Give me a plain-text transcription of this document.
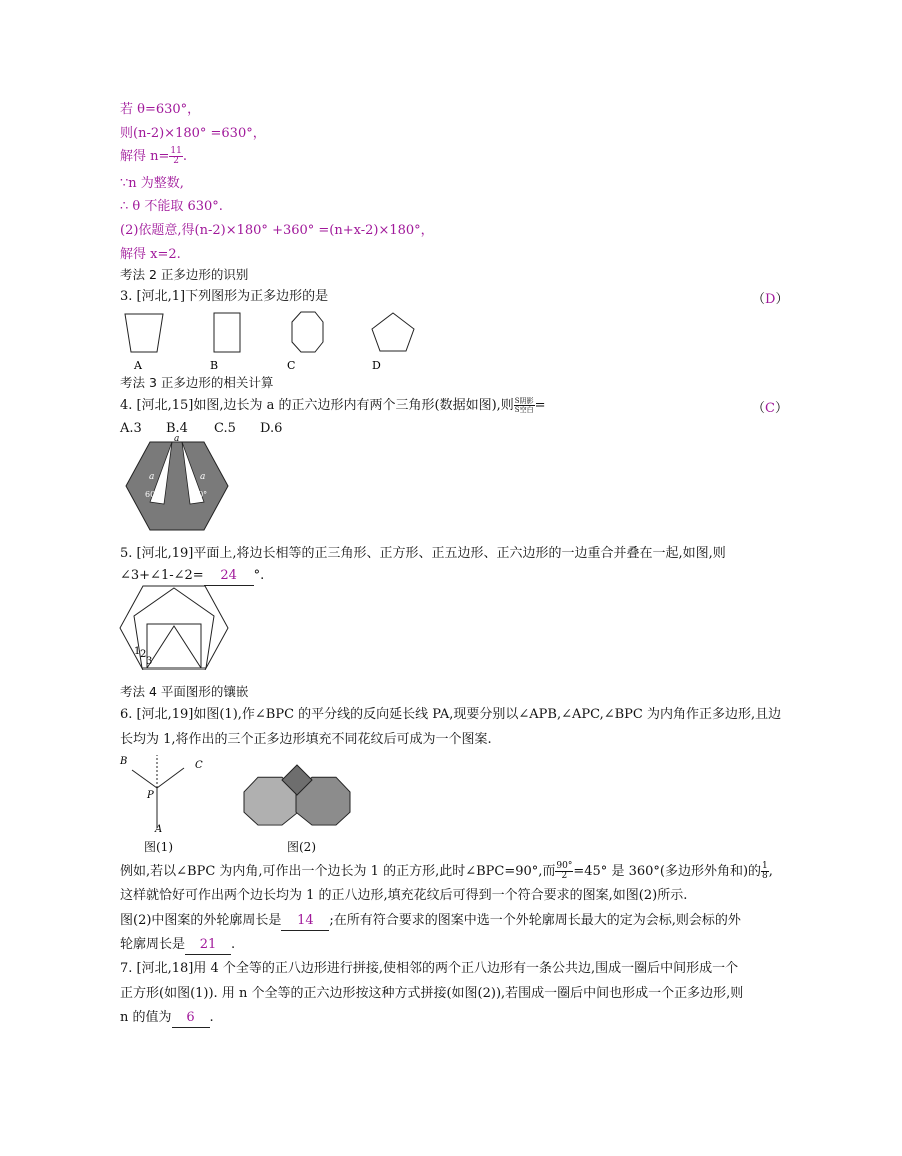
若 θ=630°，
则(n-2)×180° =630°，
解得 $n= \frac{11}{2}$ .
∵n 为整数,
∴ θ 不能取 630°.
(2)依题意,得(n-2)×180° +360° =(n+x-2)×180°，
解得 x=2.
考法 2 正多边形的识别
3. [河北,1]下列图形为正多边形的是	（D）
A	B	C	D
考法 3 正多边形的相关计算
4. [河北,15]如图,边长为 a 的正六边形内有两个三角形(数据如图),则 $\frac{\text{S阴影}}{\text{S空白}}$ =	（C）
A.3 B.4 C.5 D.6
a
a	a
60°	60°
5. [河北,19]平面上,将边长相等的正三角形、正方形、正五边形、正六边形的一边重合并叠在一起,如图,则
∠3+∠1-∠2= 24 °.
1 2
3
考法 4 平面图形的镶嵌
6. [河北,19]如图(1),作∠BPC 的平分线的反向延长线 PA,现要分别以∠APB,∠APC,∠BPC 为内角作正多边形,且边
长均为 1,将作出的三个正多边形填充不同花纹后可成为一个图案.
B	C
P
A
图(1)	图(2)
例如,若以∠BPC 为内角,可作出一个边长为 1 的正方形,此时∠BPC=90°,而 $\frac{90^\circ}{2} =45^\circ$ 是 360°(多边形外角和)的 $\frac{1}{8}$ ,
这样就恰好可作出两个边长均为 1 的正八边形,填充花纹后可得到一个符合要求的图案,如图(2)所示.
图(2)中图案的外轮廓周长是 14 ;在所有符合要求的图案中选一个外轮廓周长最大的定为会标,则会标的外
轮廓周长是 21 .
7. [河北,18]用 4 个全等的正八边形进行拼接,使相邻的两个正八边形有一条公共边,围成一圈后中间形成一个
正方形(如图(1)). 用 n 个全等的正六边形按这种方式拼接(如图(2)),若围成一圈后中间也形成一个正多边形,则
n 的值为 6 .
